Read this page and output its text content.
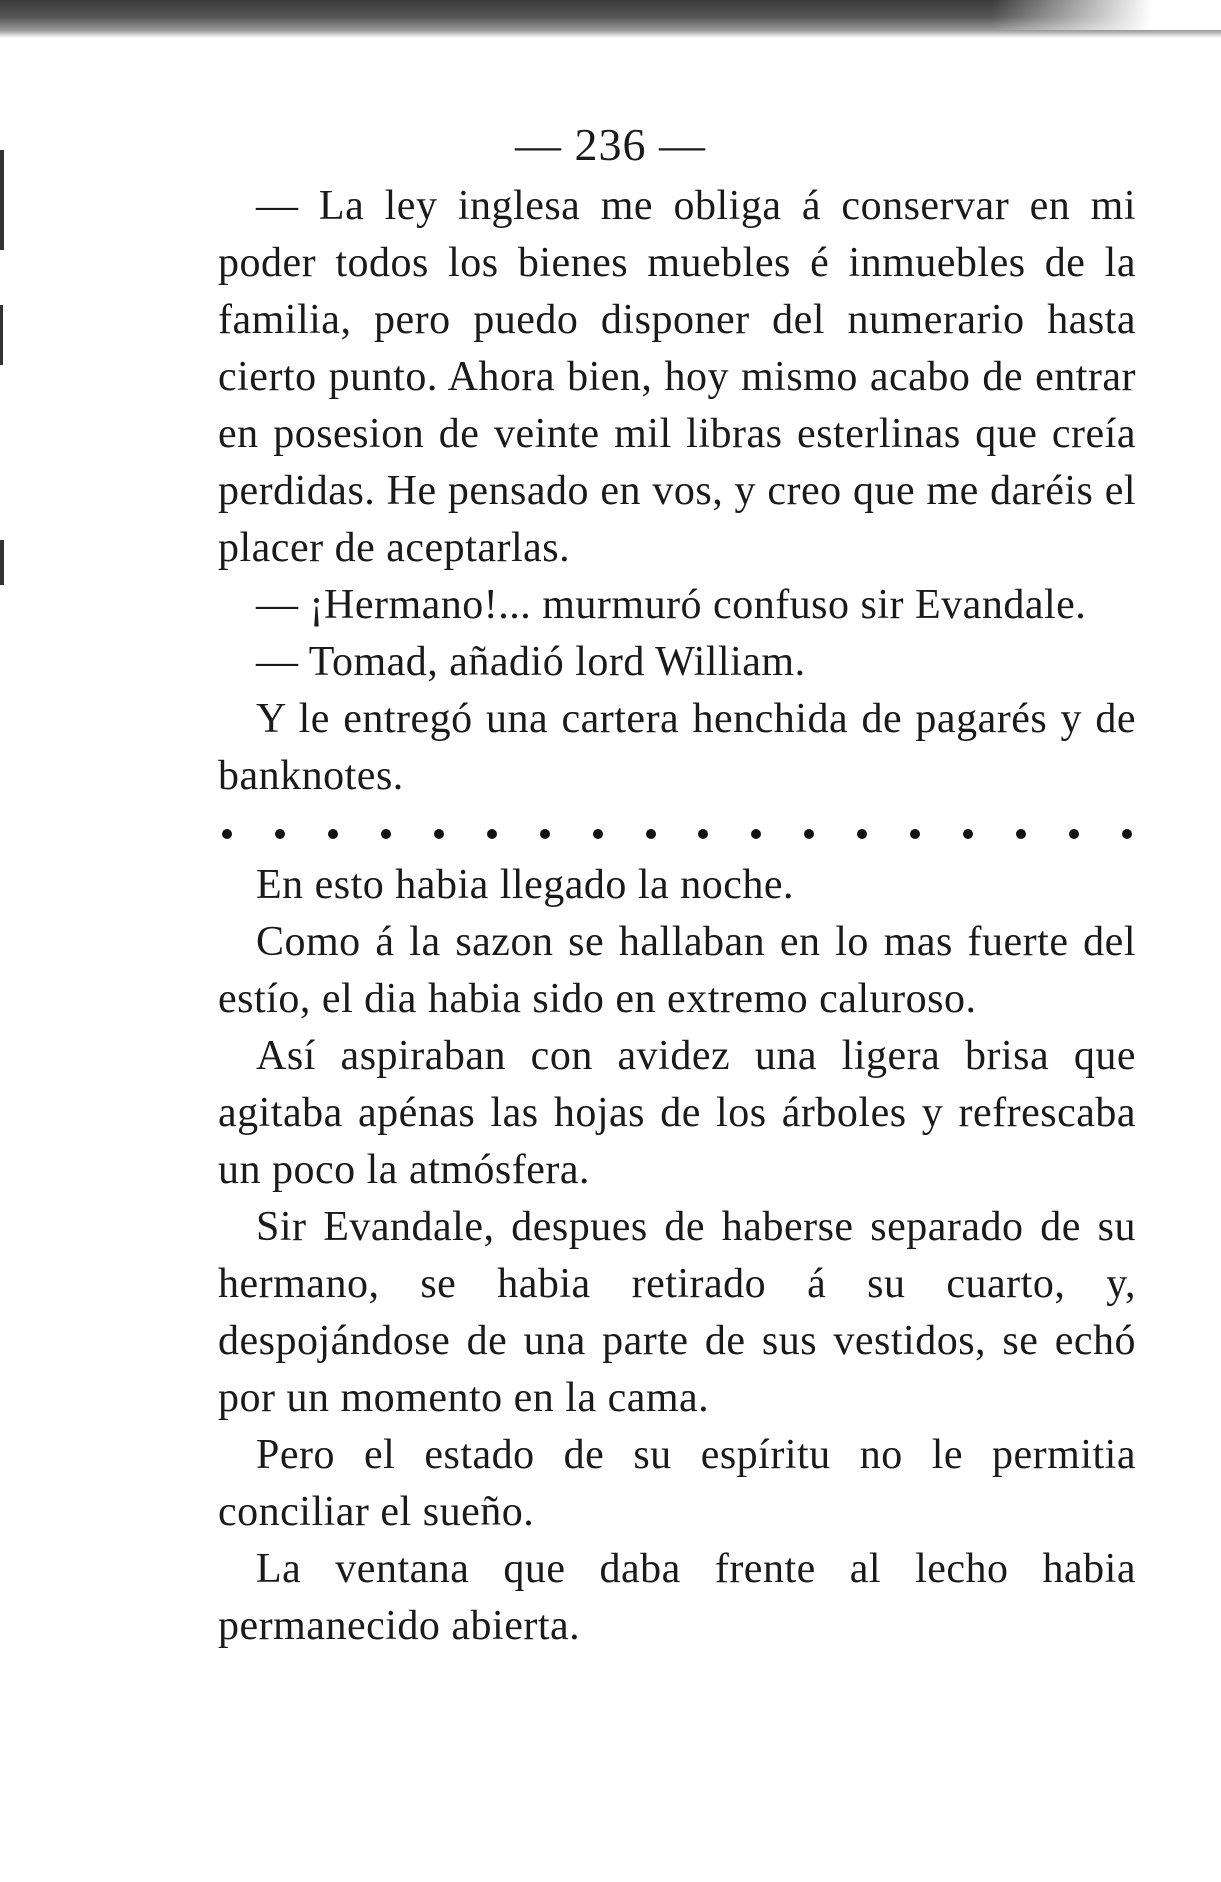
— 236 —

— La ley inglesa me obliga á conservar en mi poder todos los bienes muebles é inmuebles de la familia, pero puedo disponer del numerario hasta cierto punto. Ahora bien, hoy mismo acabo de entrar en posesion de veinte mil libras esterlinas que creía perdidas. He pensado en vos, y creo que me daréis el placer de aceptarlas.

— ¡Hermano!... murmuró confuso sir Evandale.

— Tomad, añadió lord William.

Y le entregó una cartera henchida de pagarés y de banknotes.

En esto habia llegado la noche.

Como á la sazon se hallaban en lo mas fuerte del estío, el dia habia sido en extremo caluroso.

Así aspiraban con avidez una ligera brisa que agitaba apénas las hojas de los árboles y refrescaba un poco la atmósfera.

Sir Evandale, despues de haberse separado de su hermano, se habia retirado á su cuarto, y, despojándose de una parte de sus vestidos, se echó por un momento en la cama.

Pero el estado de su espíritu no le permitia conciliar el sueño.

La ventana que daba frente al lecho habia permanecido abierta.
